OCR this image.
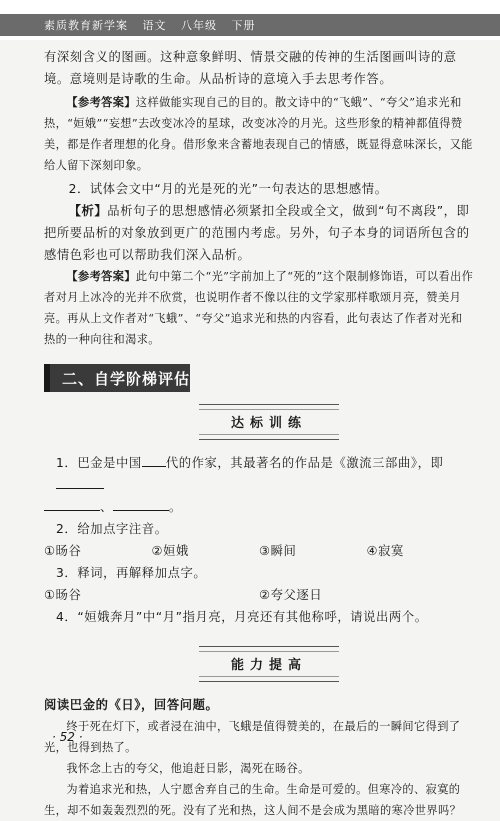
素质教育新学案 语文 八年级 下册

有深刻含义的图画。这种意象鲜明、情景交融的传神的生活图画叫诗的意境。意境则是诗歌的生命。从品析诗的意境入手去思考作答。

【参考答案】这样做能实现自己的目的。散文诗中的“飞蛾”、“夸父”追求光和热，“姮娥”“妄想”去改变冰冷的星球，改变冰冷的月光。这些形象的精神都值得赞美，都是作者理想的化身。借形象来含蓄地表现自己的情感，既显得意味深长，又能给人留下深刻印象。

2．试体会文中“月的光是死的光”一句表达的思想感情。

【析】品析句子的思想感情必须紧扣全段或全文，做到“句不离段”，即把所要品析的对象放到更广的范围内考虑。另外，句子本身的词语所包含的感情色彩也可以帮助我们深入品析。

【参考答案】此句中第二个“光”字前加上了“死的”这个限制修饰语，可以看出作者对月上冰冷的光并不欣赏，也说明作者不像以往的文学家那样歌颂月亮，赞美月亮。再从上文作者对“飞蛾”、“夸父”追求光和热的内容看，此句表达了作者对光和热的一种向往和渴求。

二、自学阶梯评估
达标训练

1．巴金是中国 代的作家，其最著名的作品是《激流三部曲》，即

、	。

2．给加点字注音。

①旸谷	②姮娥	③瞬间	④寂寞

3．释词，再解释加点字。

①旸谷	②夸父逐日

4．“姮娥奔月”中“月”指月亮，月亮还有其他称呼，请说出两个。

能力提高

阅读巴金的《日》，回答问题。

终于死在灯下，或者浸在油中，飞蛾是值得赞美的，在最后的一瞬间它得到了光，也得到热了。

我怀念上古的夸父，他追赶日影，渴死在旸谷。

为着追求光和热，人宁愿舍弃自己的生命。生命是可爱的。但寒冷的、寂寞的生，却不如轰轰烈烈的死。没有了光和热，这人间不是会成为黑暗的寒冷世界吗？

· 52 ·
